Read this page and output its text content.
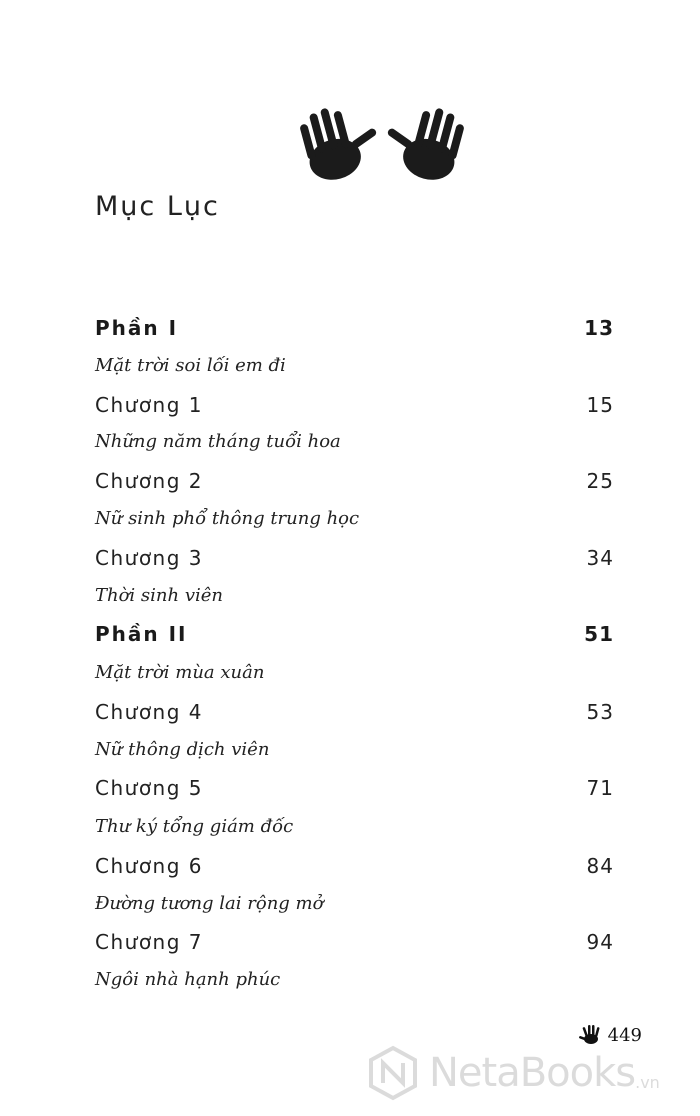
Mục Lục
Phần I	13
Mặt trời soi lối em đi
Chương 1	15
Những năm tháng tuổi hoa
Chương 2	25
Nữ sinh phổ thông trung học
Chương 3	34
Thời sinh viên
Phần II	51
Mặt trời mùa xuân
Chương 4	53
Nữ thông dịch viên
Chương 5	71
Thư ký tổng giám đốc
Chương 6	84
Đường tương lai rộng mở
Chương 7	94
Ngôi nhà hạnh phúc
449
NetaBooks .vn
